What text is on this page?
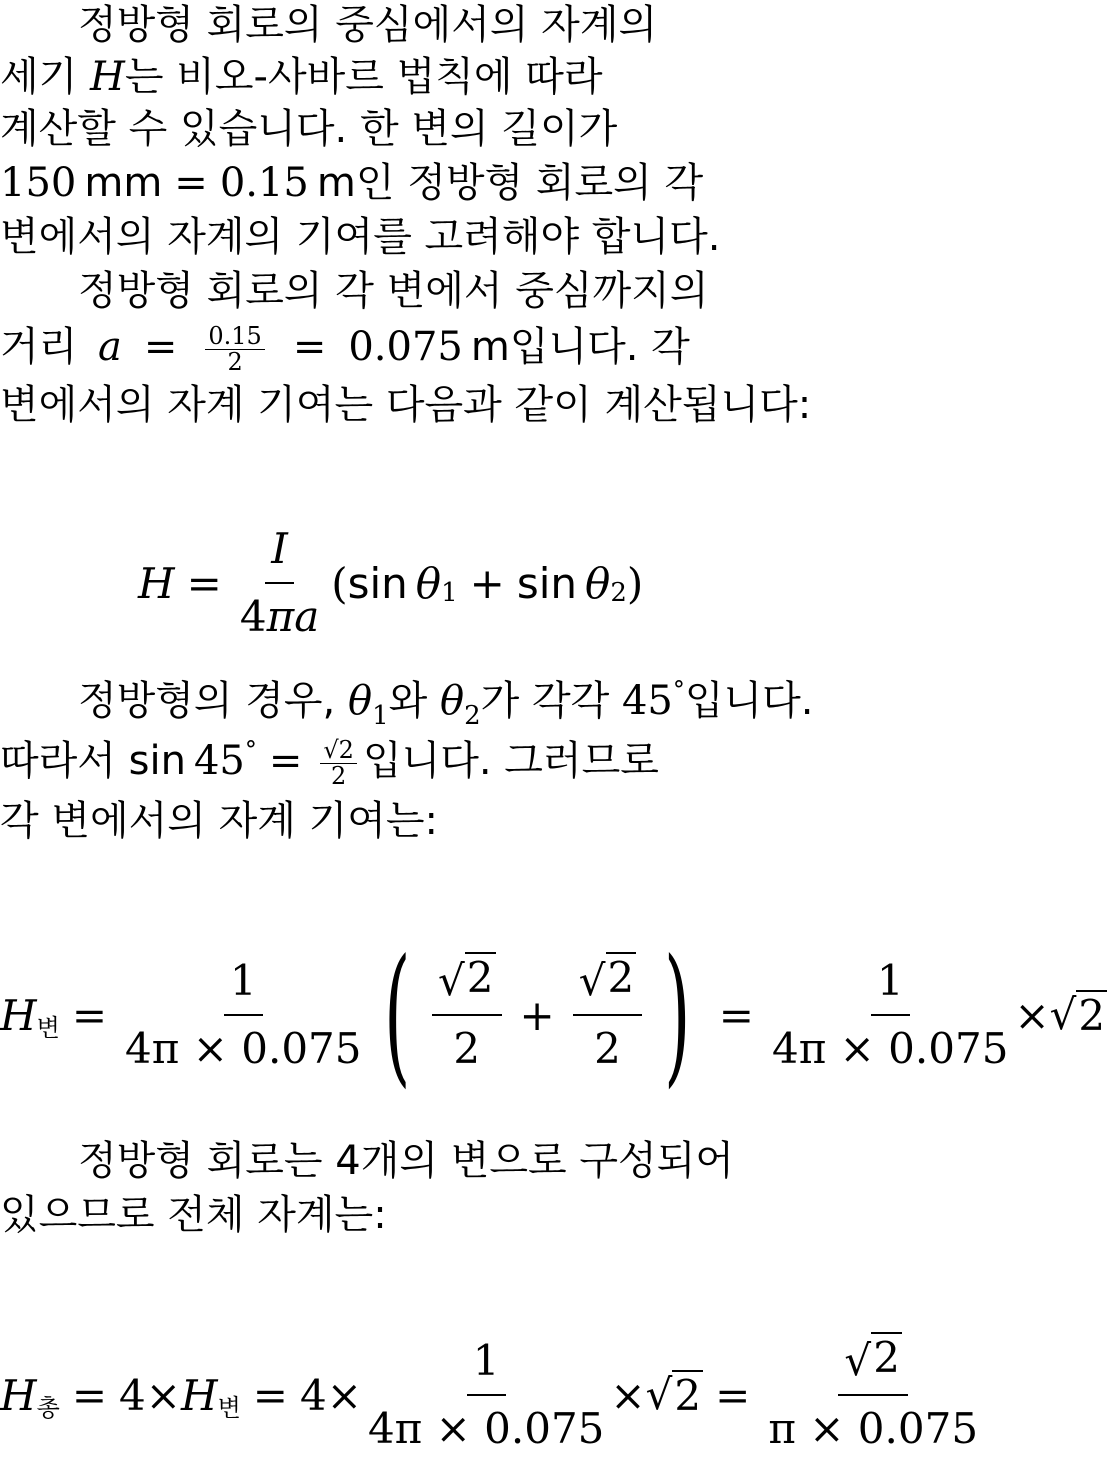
정방형 회로의 중심에서의 자계의
세기 H는 비오-사바르 법칙에 따라
계산할 수 있습니다. 한 변의 길이가
150 mm = 0.15 m인 정방형 회로의 각
변에서의 자계의 기여를 고려해야 합니다.
정방형 회로의 각 변에서 중심까지의
거리 $a = \frac{0.15}{2} = 0.075$ m입니다. 각
변에서의 자계 기여는 다음과 같이 계산됩니다:
$H = \frac{I}{4\pi a}$ ( sin θ 1 + sin θ 2 )
정방형의 경우, $\theta_1$와 $\theta_2$가 각각 45°입니다.
따라서 $\sin 45^\circ = \frac{√2}{2}$ 입니다. 그러므로
각 변에서의 자계 기여는:
H 변 = $\frac{1}{4\pi \times 0.075}$ ( $\frac{√ 2}{2} + \frac{√ 2}{2}$ ) = $\frac{1}{4\pi \times 0.075}$ × √ 2
정방형 회로는 4개의 변으로 구성되어
있으므로 전체 자계는:
H 총 = 4 × H 변 = $4 \times \frac{1}{4\pi \times 0.075}$ × √ $2 = \frac{√ 2}{\pi \times 0.075}$
